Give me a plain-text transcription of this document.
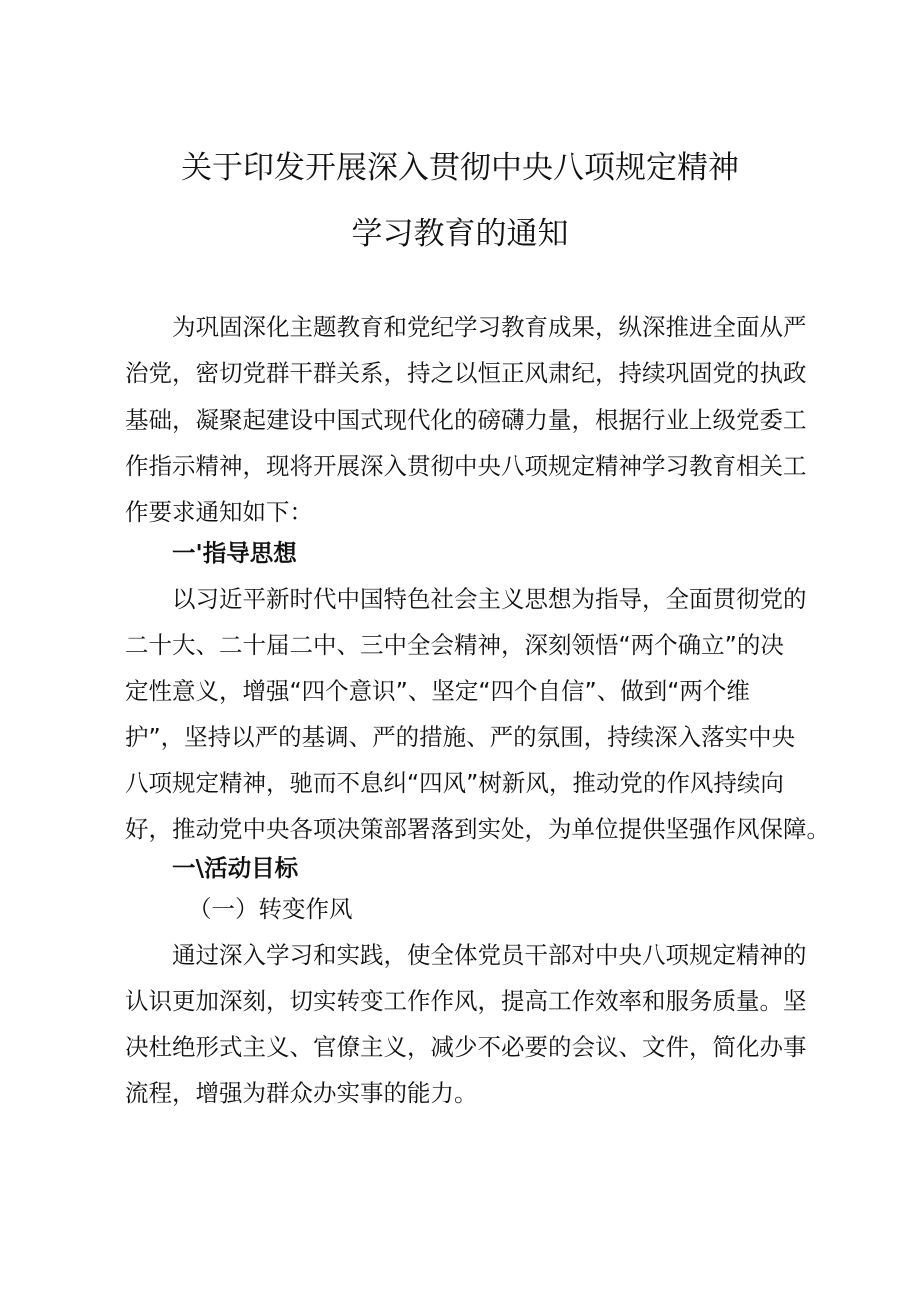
关于印发开展深入贯彻中央八项规定精神
学习教育的通知
为巩固深化主题教育和党纪学习教育成果，纵深推进全面从严
治党，密切党群干群关系，持之以恒正风肃纪，持续巩固党的执政
基础，凝聚起建设中国式现代化的磅礴力量，根据行业上级党委工
作指示精神，现将开展深入贯彻中央八项规定精神学习教育相关工
作要求通知如下：
一'指导思想
以习近平新时代中国特色社会主义思想为指导，全面贯彻党的
二十大、二十届二中、三中全会精神，深刻领悟“两个确立”的决
定性意义，增强“四个意识”、坚定“四个自信”、做到“两个维
护”，坚持以严的基调、严的措施、严的氛围，持续深入落实中央
八项规定精神，驰而不息纠“四风”树新风，推动党的作风持续向
好，推动党中央各项决策部署落到实处，为单位提供坚强作风保障。
一\活动目标
（一）转变作风
通过深入学习和实践，使全体党员干部对中央八项规定精神的
认识更加深刻，切实转变工作作风，提高工作效率和服务质量。坚
决杜绝形式主义、官僚主义，减少不必要的会议、文件，简化办事
流程，增强为群众办实事的能力。
